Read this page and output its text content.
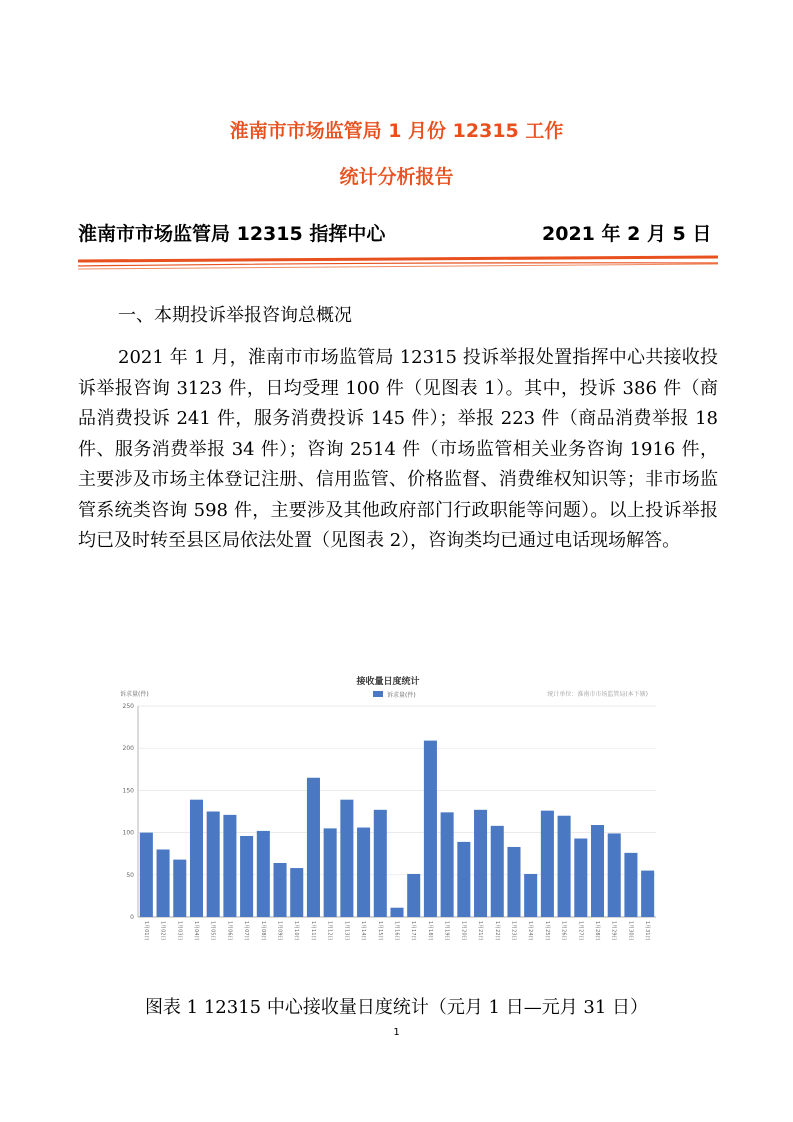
淮南市市场监管局 1 月份 12315 工作
统计分析报告
淮南市市场监管局 12315 指挥中心	2021 年 2 月 5 日
一、本期投诉举报咨询总概况
2021 年 1 月，淮南市市场监管局 12315 投诉举报处置指挥中心共接收投诉举报咨询 3123 件，日均受理 100 件（见图表 1）。其中，投诉 386 件（商品消费投诉 241 件，服务消费投诉 145 件）；举报 223 件（商品消费举报 18 件、服务消费举报 34 件）；咨询 2514 件（市场监管相关业务咨询 1916 件，主要涉及市场主体登记注册、信用监管、价格监督、消费维权知识等；非市场监管系统类咨询 598 件，主要涉及其他政府部门行政职能等问题）。以上投诉举报均已及时转至县区局依法处置（见图表 2），咨询类均已通过电话现场解答。
接收量日度统计
诉求量(件)	统计单位：淮南市市场监管局(本下辖)
诉求量(件)
0
50
100
150
200
250
1月01日 1月02日 1月03日 1月04日 1月05日 1月06日 1月07日 1月08日 1月09日 1月10日 1月11日 1月12日 1月13日 1月14日 1月15日 1月16日 1月17日 1月18日 1月19日 1月20日 1月21日 1月22日 1月23日 1月24日 1月25日 1月26日 1月27日 1月28日 1月29日 1月30日 1月31日
图表 1 12315 中心接收量日度统计（元月 1 日—元月 31 日）
1
